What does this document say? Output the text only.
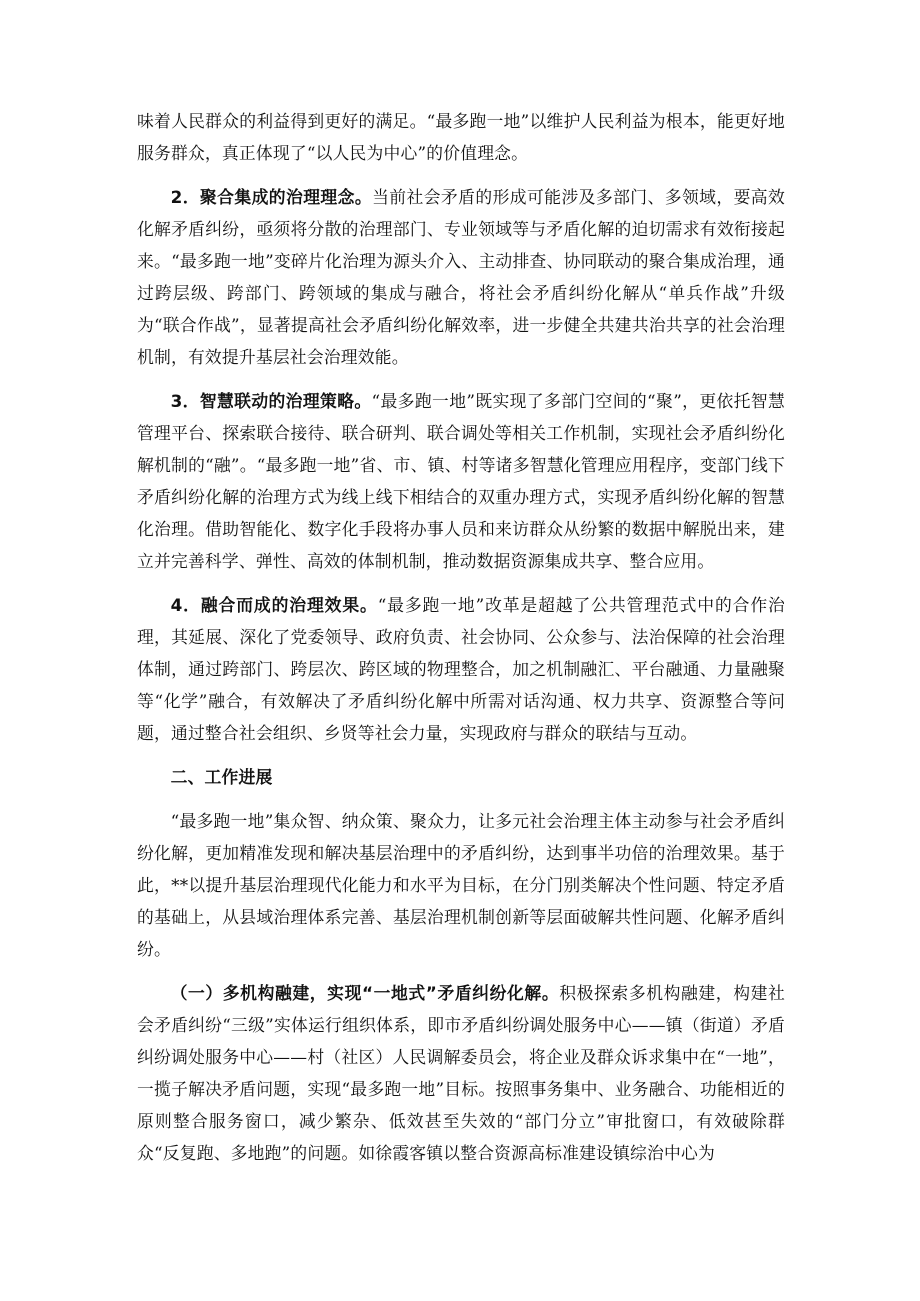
味着人民群众的利益得到更好的满足。“最多跑一地”以维护人民利益为根本，能更好地服务群众，真正体现了“以人民为中心”的价值理念。

2．聚合集成的治理理念。当前社会矛盾的形成可能涉及多部门、多领域，要高效化解矛盾纠纷，亟须将分散的治理部门、专业领域等与矛盾化解的迫切需求有效衔接起来。“最多跑一地”变碎片化治理为源头介入、主动排查、协同联动的聚合集成治理，通过跨层级、跨部门、跨领域的集成与融合，将社会矛盾纠纷化解从“单兵作战”升级为“联合作战”，显著提高社会矛盾纠纷化解效率，进一步健全共建共治共享的社会治理机制，有效提升基层社会治理效能。

3．智慧联动的治理策略。“最多跑一地”既实现了多部门空间的“聚”，更依托智慧管理平台、探索联合接待、联合研判、联合调处等相关工作机制，实现社会矛盾纠纷化解机制的“融”。“最多跑一地”省、市、镇、村等诸多智慧化管理应用程序，变部门线下矛盾纠纷化解的治理方式为线上线下相结合的双重办理方式，实现矛盾纠纷化解的智慧化治理。借助智能化、数字化手段将办事人员和来访群众从纷繁的数据中解脱出来，建立并完善科学、弹性、高效的体制机制，推动数据资源集成共享、整合应用。

4．融合而成的治理效果。“最多跑一地”改革是超越了公共管理范式中的合作治理，其延展、深化了党委领导、政府负责、社会协同、公众参与、法治保障的社会治理体制，通过跨部门、跨层次、跨区域的物理整合，加之机制融汇、平台融通、力量融聚等“化学”融合，有效解决了矛盾纠纷化解中所需对话沟通、权力共享、资源整合等问题，通过整合社会组织、乡贤等社会力量，实现政府与群众的联结与互动。

二、工作进展

“最多跑一地”集众智、纳众策、聚众力，让多元社会治理主体主动参与社会矛盾纠纷化解，更加精准发现和解决基层治理中的矛盾纠纷，达到事半功倍的治理效果。基于此，**以提升基层治理现代化能力和水平为目标，在分门别类解决个性问题、特定矛盾的基础上，从县域治理体系完善、基层治理机制创新等层面破解共性问题、化解矛盾纠纷。

（一）多机构融建，实现“一地式”矛盾纠纷化解。积极探索多机构融建，构建社会矛盾纠纷“三级”实体运行组织体系，即市矛盾纠纷调处服务中心——镇（街道）矛盾纠纷调处服务中心——村（社区）人民调解委员会，将企业及群众诉求集中在“一地”，一揽子解决矛盾问题，实现“最多跑一地”目标。按照事务集中、业务融合、功能相近的原则整合服务窗口，减少繁杂、低效甚至失效的“部门分立”审批窗口，有效破除群众“反复跑、多地跑”的问题。如徐霞客镇以整合资源高标准建设镇综治中心为
